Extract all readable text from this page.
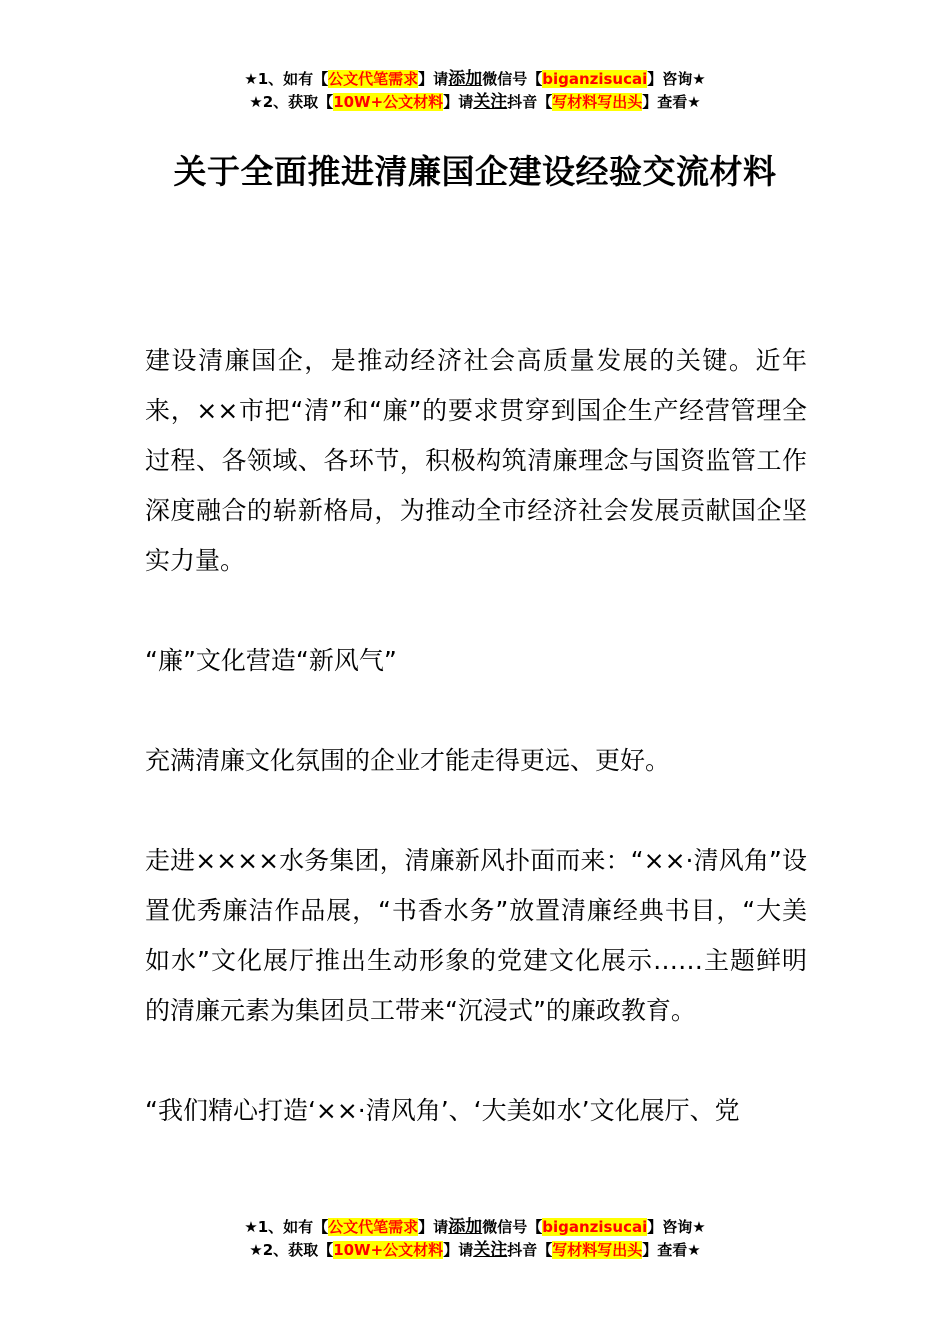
★1、如有【公文代笔需求】请添加微信号【biganzisucai】咨询★
★2、获取【10W+公文材料】请关注抖音【写材料写出头】查看★
关于全面推进清廉国企建设经验交流材料

建设清廉国企，是推动经济社会高质量发展的关键。近年来，××市把“清”和“廉”的要求贯穿到国企生产经营管理全过程、各领域、各环节，积极构筑清廉理念与国资监管工作深度融合的崭新格局，为推动全市经济社会发展贡献国企坚实力量。

“廉”文化营造“新风气”

充满清廉文化氛围的企业才能走得更远、更好。

走进××××水务集团，清廉新风扑面而来：“××·清风角”设置优秀廉洁作品展，“书香水务”放置清廉经典书目，“大美如水”文化展厅推出生动形象的党建文化展示……主题鲜明的清廉元素为集团员工带来“沉浸式”的廉政教育。

“我们精心打造‘××·清风角’、‘大美如水’文化展厅、党

★1、如有【公文代笔需求】请添加微信号【biganzisucai】咨询★
★2、获取【10W+公文材料】请关注抖音【写材料写出头】查看★
